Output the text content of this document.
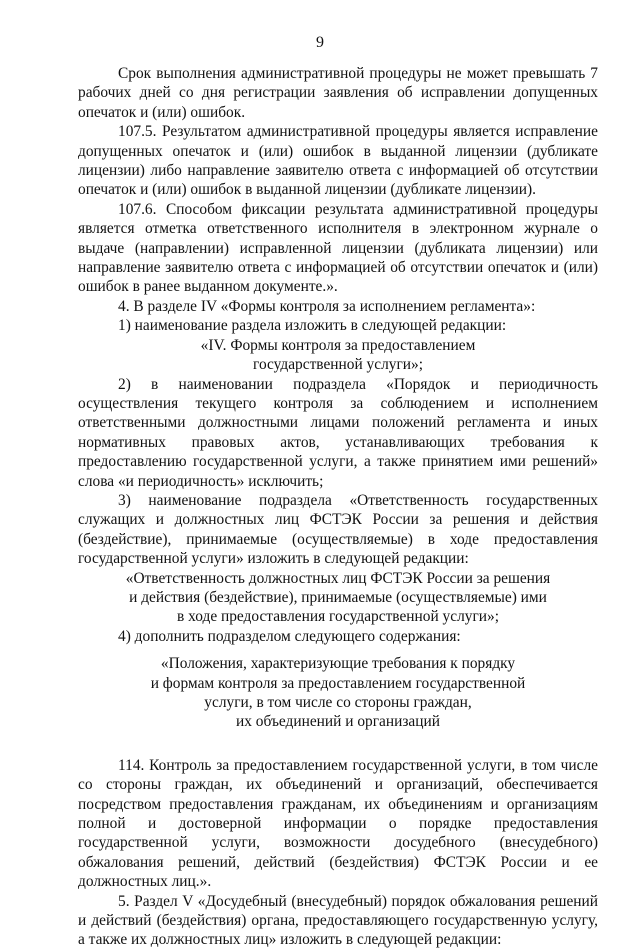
9

Срок выполнения административной процедуры не может превышать 7 рабочих дней со дня регистрации заявления об исправлении допущенных опечаток и (или) ошибок.

107.5. Результатом административной процедуры является исправление допущенных опечаток и (или) ошибок в выданной лицензии (дубликате лицензии) либо направление заявителю ответа с информацией об отсутствии опечаток и (или) ошибок в выданной лицензии (дубликате лицензии).

107.6. Способом фиксации результата административной процедуры является отметка ответственного исполнителя в электронном журнале о выдаче (направлении) исправленной лицензии (дубликата лицензии) или направление заявителю ответа с информацией об отсутствии опечаток и (или) ошибок в ранее выданном документе.».

4. В разделе IV «Формы контроля за исполнением регламента»:

1) наименование раздела изложить в следующей редакции:

«IV. Формы контроля за предоставлением
государственной услуги»;

2) в наименовании подраздела «Порядок и периодичность осуществления текущего контроля за соблюдением и исполнением ответственными должностными лицами положений регламента и иных нормативных правовых актов, устанавливающих требования к предоставлению государственной услуги, а также принятием ими решений» слова «и периодичность» исключить;

3) наименование подраздела «Ответственность государственных служащих и должностных лиц ФСТЭК России за решения и действия (бездействие), принимаемые (осуществляемые) в ходе предоставления государственной услуги» изложить в следующей редакции:

«Ответственность должностных лиц ФСТЭК России за решения
и действия (бездействие), принимаемые (осуществляемые) ими
в ходе предоставления государственной услуги»;

4) дополнить подразделом следующего содержания:

«Положения, характеризующие требования к порядку
и формам контроля за предоставлением государственной
услуги, в том числе со стороны граждан,
их объединений и организаций

114. Контроль за предоставлением государственной услуги, в том числе со стороны граждан, их объединений и организаций, обеспечивается посредством предоставления гражданам, их объединениям и организациям полной и достоверной информации о порядке предоставления государственной услуги, возможности досудебного (внесудебного) обжалования решений, действий (бездействия) ФСТЭК России и ее должностных лиц.».

5. Раздел V «Досудебный (внесудебный) порядок обжалования решений и действий (бездействия) органа, предоставляющего государственную услугу, а также их должностных лиц» изложить в следующей редакции:
